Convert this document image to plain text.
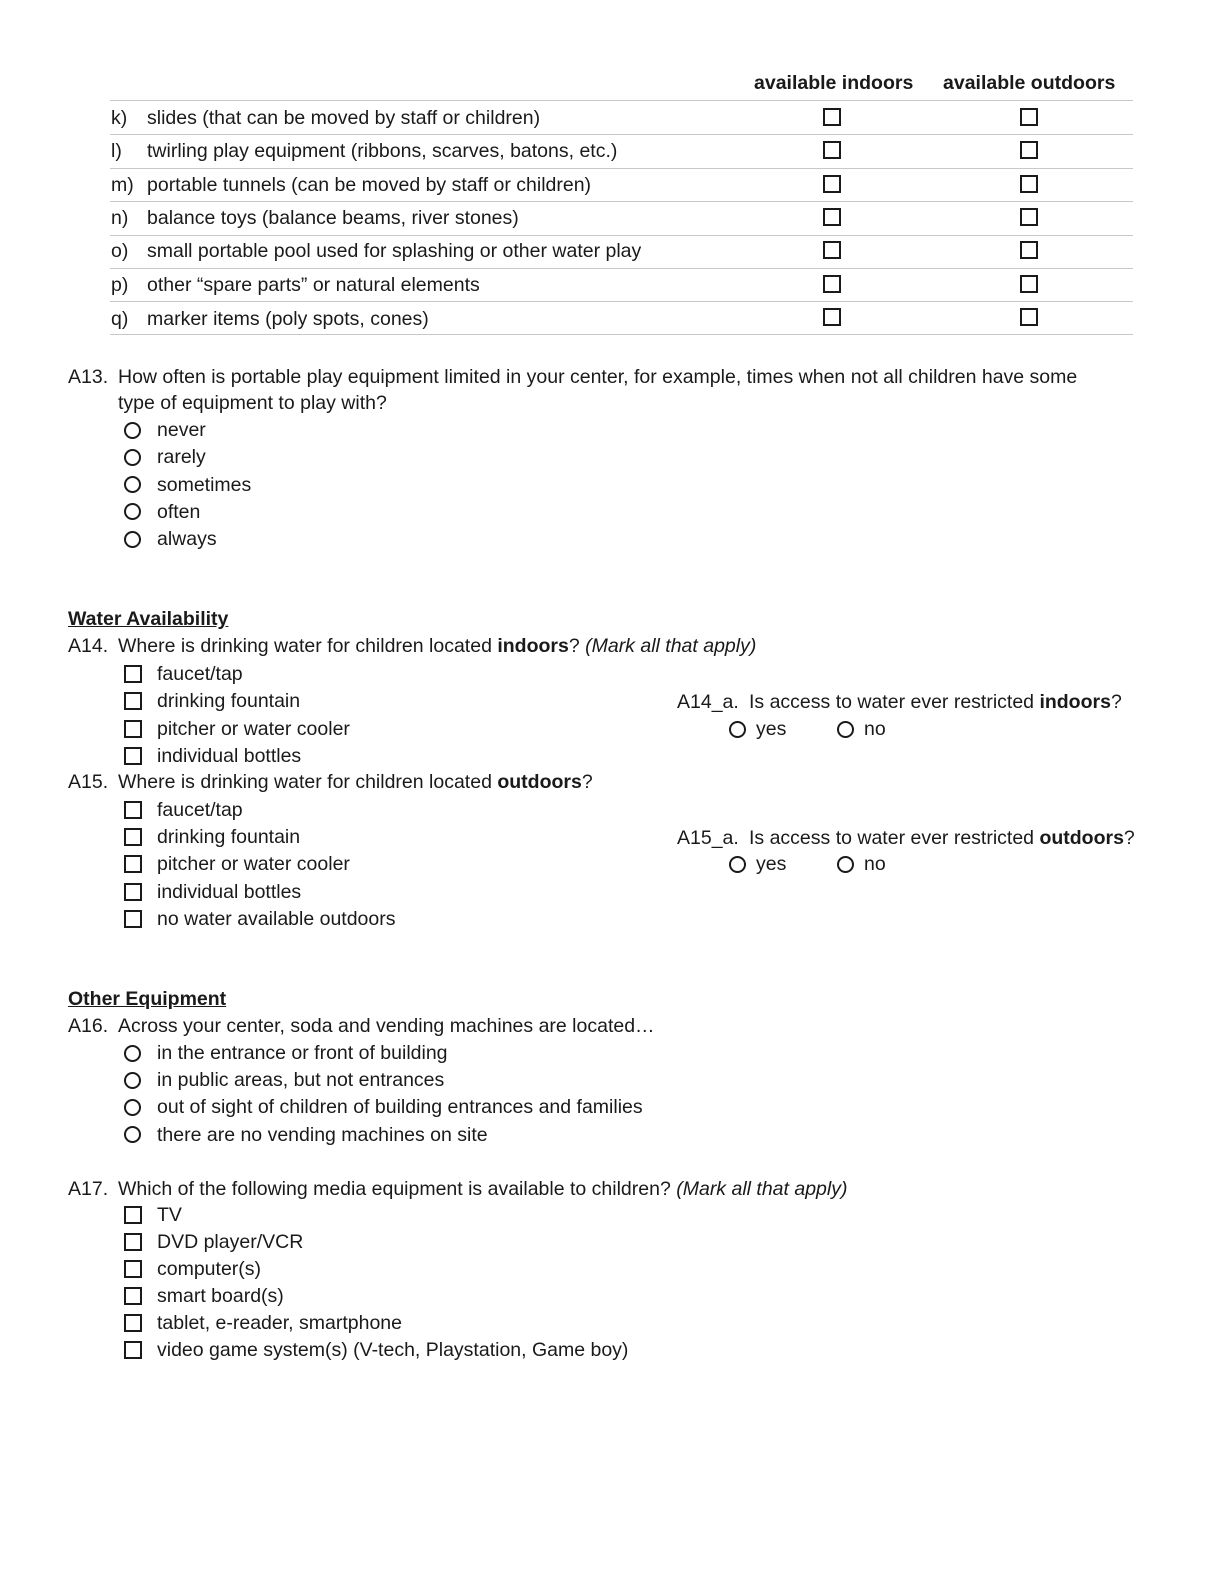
available indoors available outdoors
k) slides (that can be moved by staff or children)
l) twirling play equipment (ribbons, scarves, batons, etc.)
m) portable tunnels (can be moved by staff or children)
n) balance toys (balance beams, river stones)
o) small portable pool used for splashing or other water play
p) other “spare parts” or natural elements
q) marker items (poly spots, cones)
A13. How often is portable play equipment limited in your center, for example, times when not all children have some
type of equipment to play with?
never
rarely
sometimes
often
always
Water Availability
A14. Where is drinking water for children located indoors? (Mark all that apply)
faucet/tap
drinking fountain
pitcher or water cooler
individual bottles
A14_a. Is access to water ever restricted indoors?
yes	no
A15. Where is drinking water for children located outdoors?
faucet/tap
drinking fountain
pitcher or water cooler
individual bottles
no water available outdoors
A15_a. Is access to water ever restricted outdoors?
yes	no
Other Equipment
A16. Across your center, soda and vending machines are located…
in the entrance or front of building
in public areas, but not entrances
out of sight of children of building entrances and families
there are no vending machines on site
A17. Which of the following media equipment is available to children? (Mark all that apply)
TV
DVD player/VCR
computer(s)
smart board(s)
tablet, e-reader, smartphone
video game system(s) (V-tech, Playstation, Game boy)
